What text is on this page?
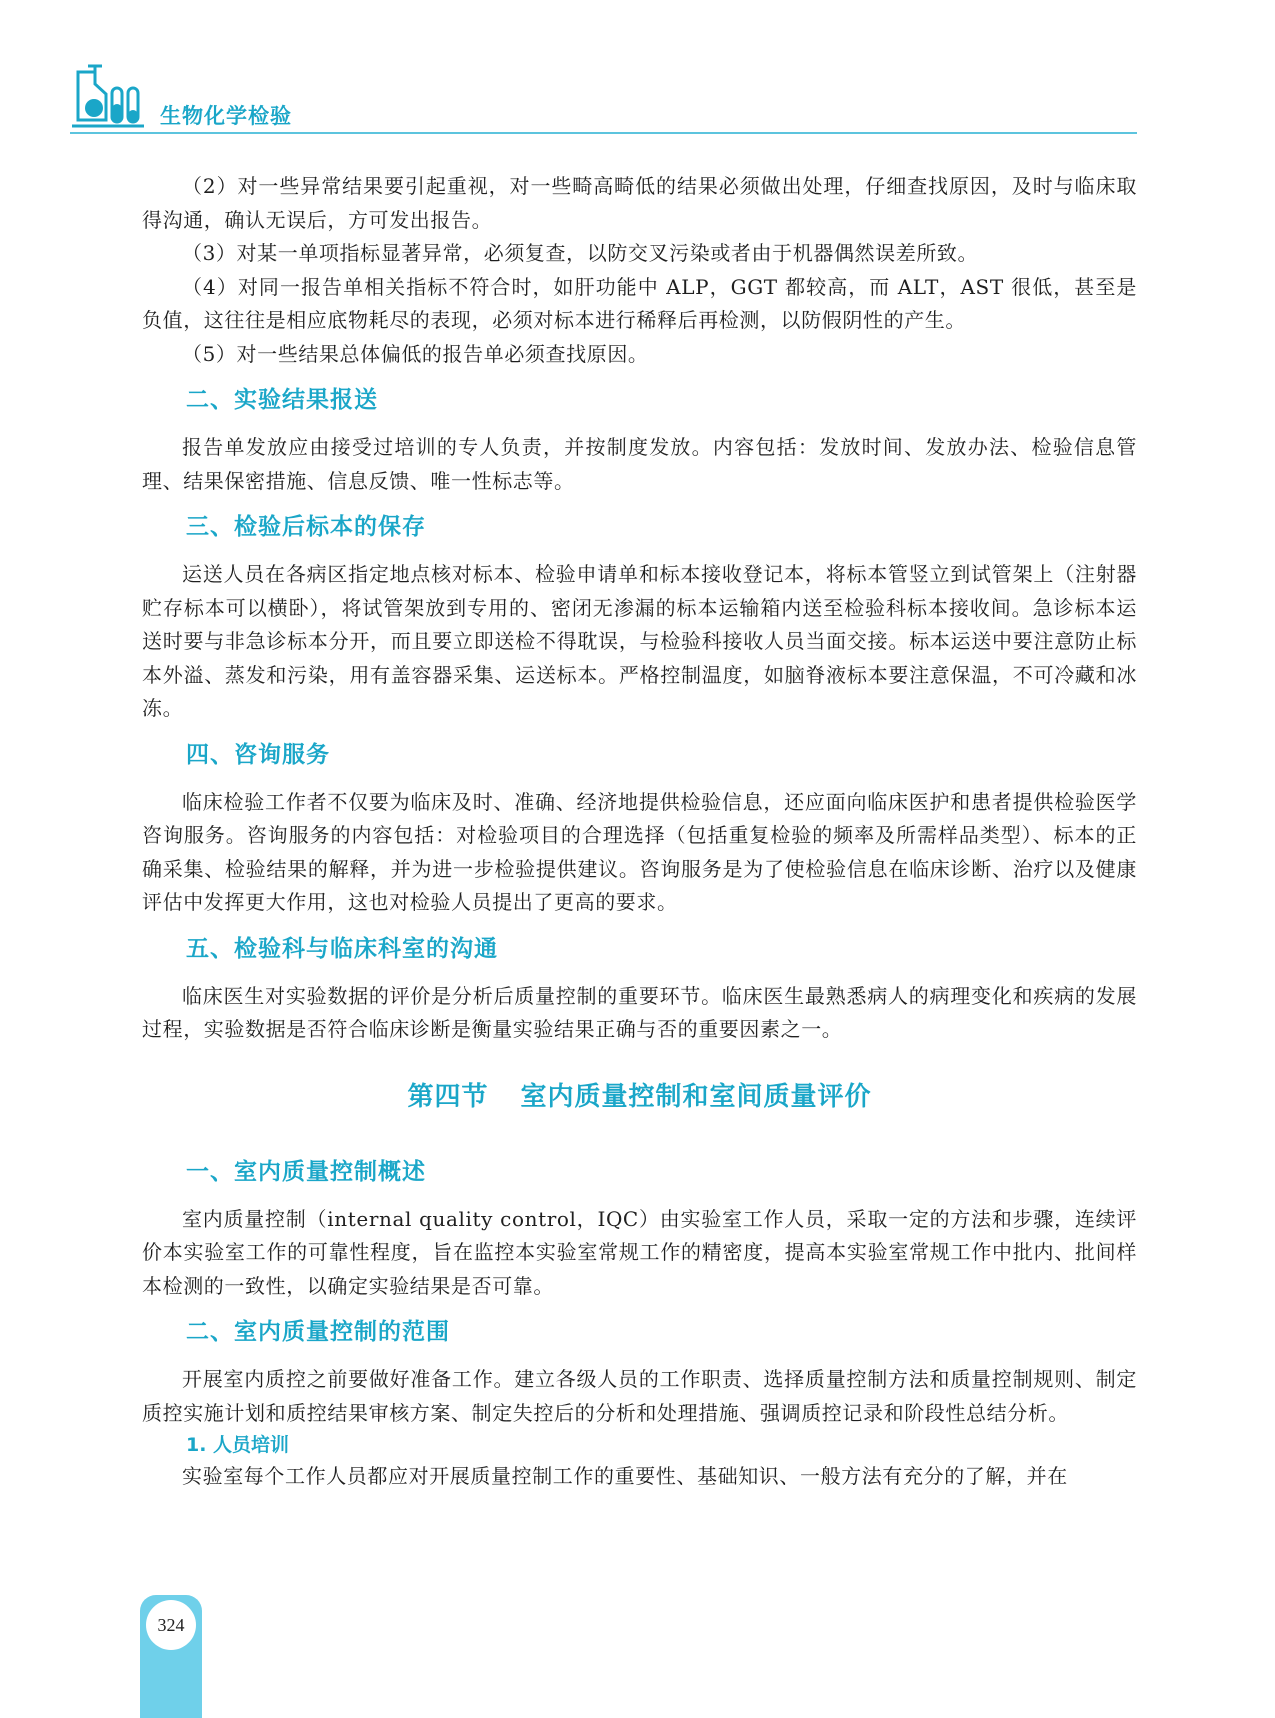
生物化学检验

（2）对一些异常结果要引起重视，对一些畸高畸低的结果必须做出处理，仔细查找原因，及时与临床取得沟通，确认无误后，方可发出报告。

（3）对某一单项指标显著异常，必须复查，以防交叉污染或者由于机器偶然误差所致。

（4）对同一报告单相关指标不符合时，如肝功能中 ALP，GGT 都较高，而 ALT，AST 很低，甚至是负值，这往往是相应底物耗尽的表现，必须对标本进行稀释后再检测，以防假阴性的产生。

（5）对一些结果总体偏低的报告单必须查找原因。

二、实验结果报送

报告单发放应由接受过培训的专人负责，并按制度发放。内容包括：发放时间、发放办法、检验信息管理、结果保密措施、信息反馈、唯一性标志等。

三、检验后标本的保存

运送人员在各病区指定地点核对标本、检验申请单和标本接收登记本，将标本管竖立到试管架上（注射器贮存标本可以横卧），将试管架放到专用的、密闭无渗漏的标本运输箱内送至检验科标本接收间。急诊标本运送时要与非急诊标本分开，而且要立即送检不得耽误，与检验科接收人员当面交接。标本运送中要注意防止标本外溢、蒸发和污染，用有盖容器采集、运送标本。严格控制温度，如脑脊液标本要注意保温，不可冷藏和冰冻。

四、咨询服务

临床检验工作者不仅要为临床及时、准确、经济地提供检验信息，还应面向临床医护和患者提供检验医学咨询服务。咨询服务的内容包括：对检验项目的合理选择（包括重复检验的频率及所需样品类型）、标本的正确采集、检验结果的解释，并为进一步检验提供建议。咨询服务是为了使检验信息在临床诊断、治疗以及健康评估中发挥更大作用，这也对检验人员提出了更高的要求。

五、检验科与临床科室的沟通

临床医生对实验数据的评价是分析后质量控制的重要环节。临床医生最熟悉病人的病理变化和疾病的发展过程，实验数据是否符合临床诊断是衡量实验结果正确与否的重要因素之一。

第四节 室内质量控制和室间质量评价
一、室内质量控制概述

室内质量控制（internal quality control，IQC）由实验室工作人员，采取一定的方法和步骤，连续评价本实验室工作的可靠性程度，旨在监控本实验室常规工作的精密度，提高本实验室常规工作中批内、批间样本检测的一致性，以确定实验结果是否可靠。

二、室内质量控制的范围

开展室内质控之前要做好准备工作。建立各级人员的工作职责、选择质量控制方法和质量控制规则、制定质控实施计划和质控结果审核方案、制定失控后的分析和处理措施、强调质控记录和阶段性总结分析。

1. 人员培训

实验室每个工作人员都应对开展质量控制工作的重要性、基础知识、一般方法有充分的了解，并在

324
